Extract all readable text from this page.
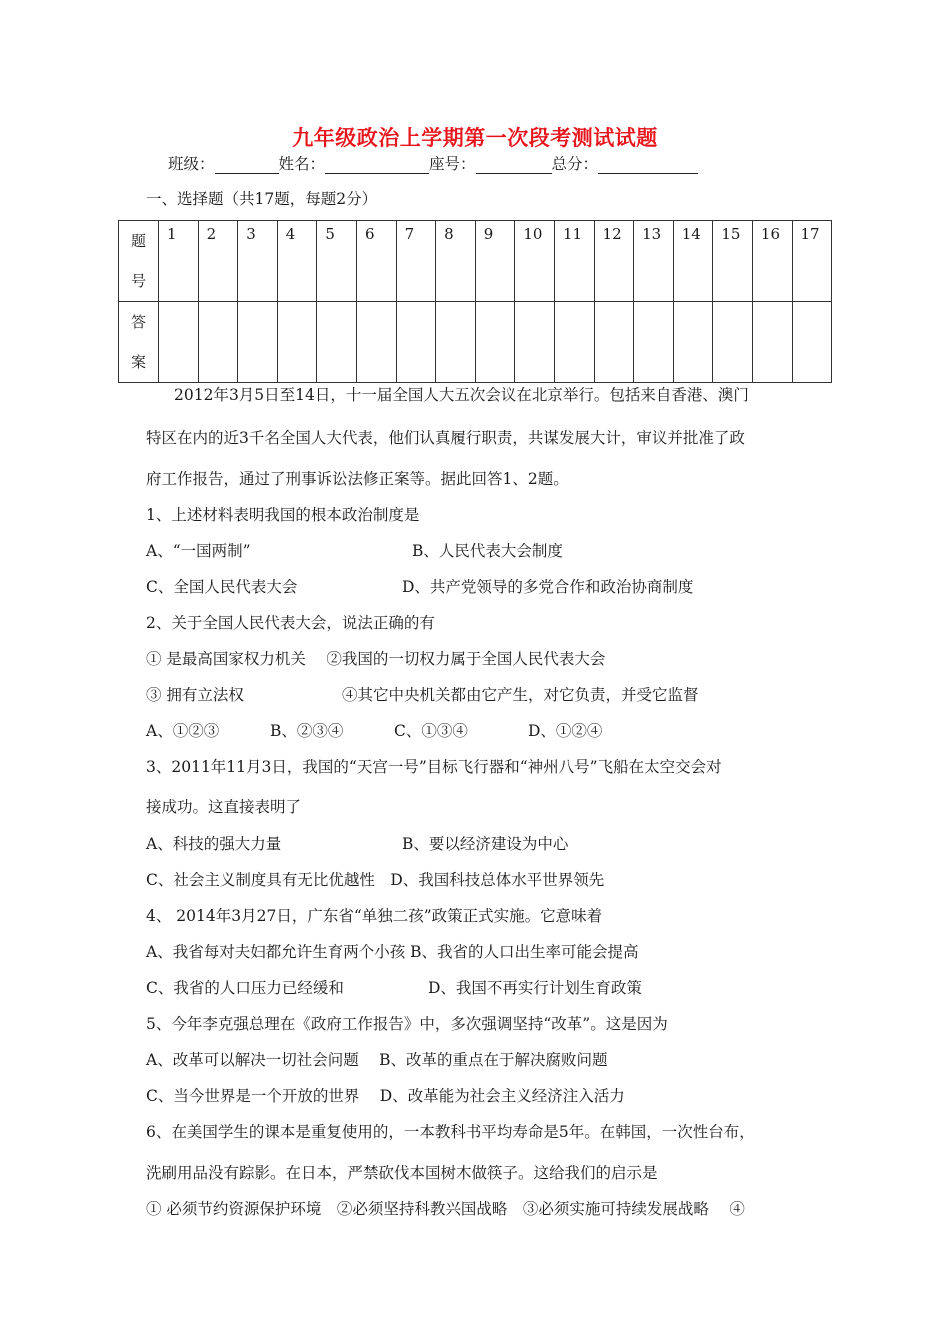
九年级政治上学期第一次段考测试试题
班级：	姓名：	座号：	总分：
一、选择题（共17题，每题2分）
题号	1	2	3	4	5	6	7	8	9	10	11	12	13	14	15	16	17
答案																	
2012年3月5日至14日，十一届全国人大五次会议在北京举行。包括来自香港、澳门
特区在内的近3千名全国人大代表，他们认真履行职责，共谋发展大计，审议并批准了政
府工作报告，通过了刑事诉讼法修正案等。据此回答1、2题。
1、上述材料表明我国的根本政治制度是
A、“一国两制”	B、人民代表大会制度
C、全国人民代表大会	D、共产党领导的多党合作和政治协商制度
2、关于全国人民代表大会，说法正确的有
① 是最高国家权力机关　 ②我国的一切权力属于全国人民代表大会
③ 拥有立法权	④其它中央机关都由它产生，对它负责，并受它监督
A、①②③	B、②③④	C、①③④	D、①②④
3、2011年11月3日，我国的“天宫一号”目标飞行器和“神州八号”飞船在太空交会对
接成功。这直接表明了
A、科技的强大力量	B、要以经济建设为中心
C、社会主义制度具有无比优越性　D、我国科技总体水平世界领先
4、 2014年3月27日，广东省“单独二孩”政策正式实施。它意味着
A、我省每对夫妇都允许生育两个小孩 B、我省的人口出生率可能会提高
C、我省的人口压力已经缓和	D、我国不再实行计划生育政策
5、今年李克强总理在《政府工作报告》中，多次强调坚持“改革”。这是因为
A、改革可以解决一切社会问题　 B、改革的重点在于解决腐败问题
C、当今世界是一个开放的世界　 D、改革能为社会主义经济注入活力
6、在美国学生的课本是重复使用的，一本教科书平均寿命是5年。在韩国，一次性台布，
洗刷用品没有踪影。在日本，严禁砍伐本国树木做筷子。这给我们的启示是
① 必须节约资源保护环境　②必须坚持科教兴国战略　③必须实施可持续发展战略　 ④
